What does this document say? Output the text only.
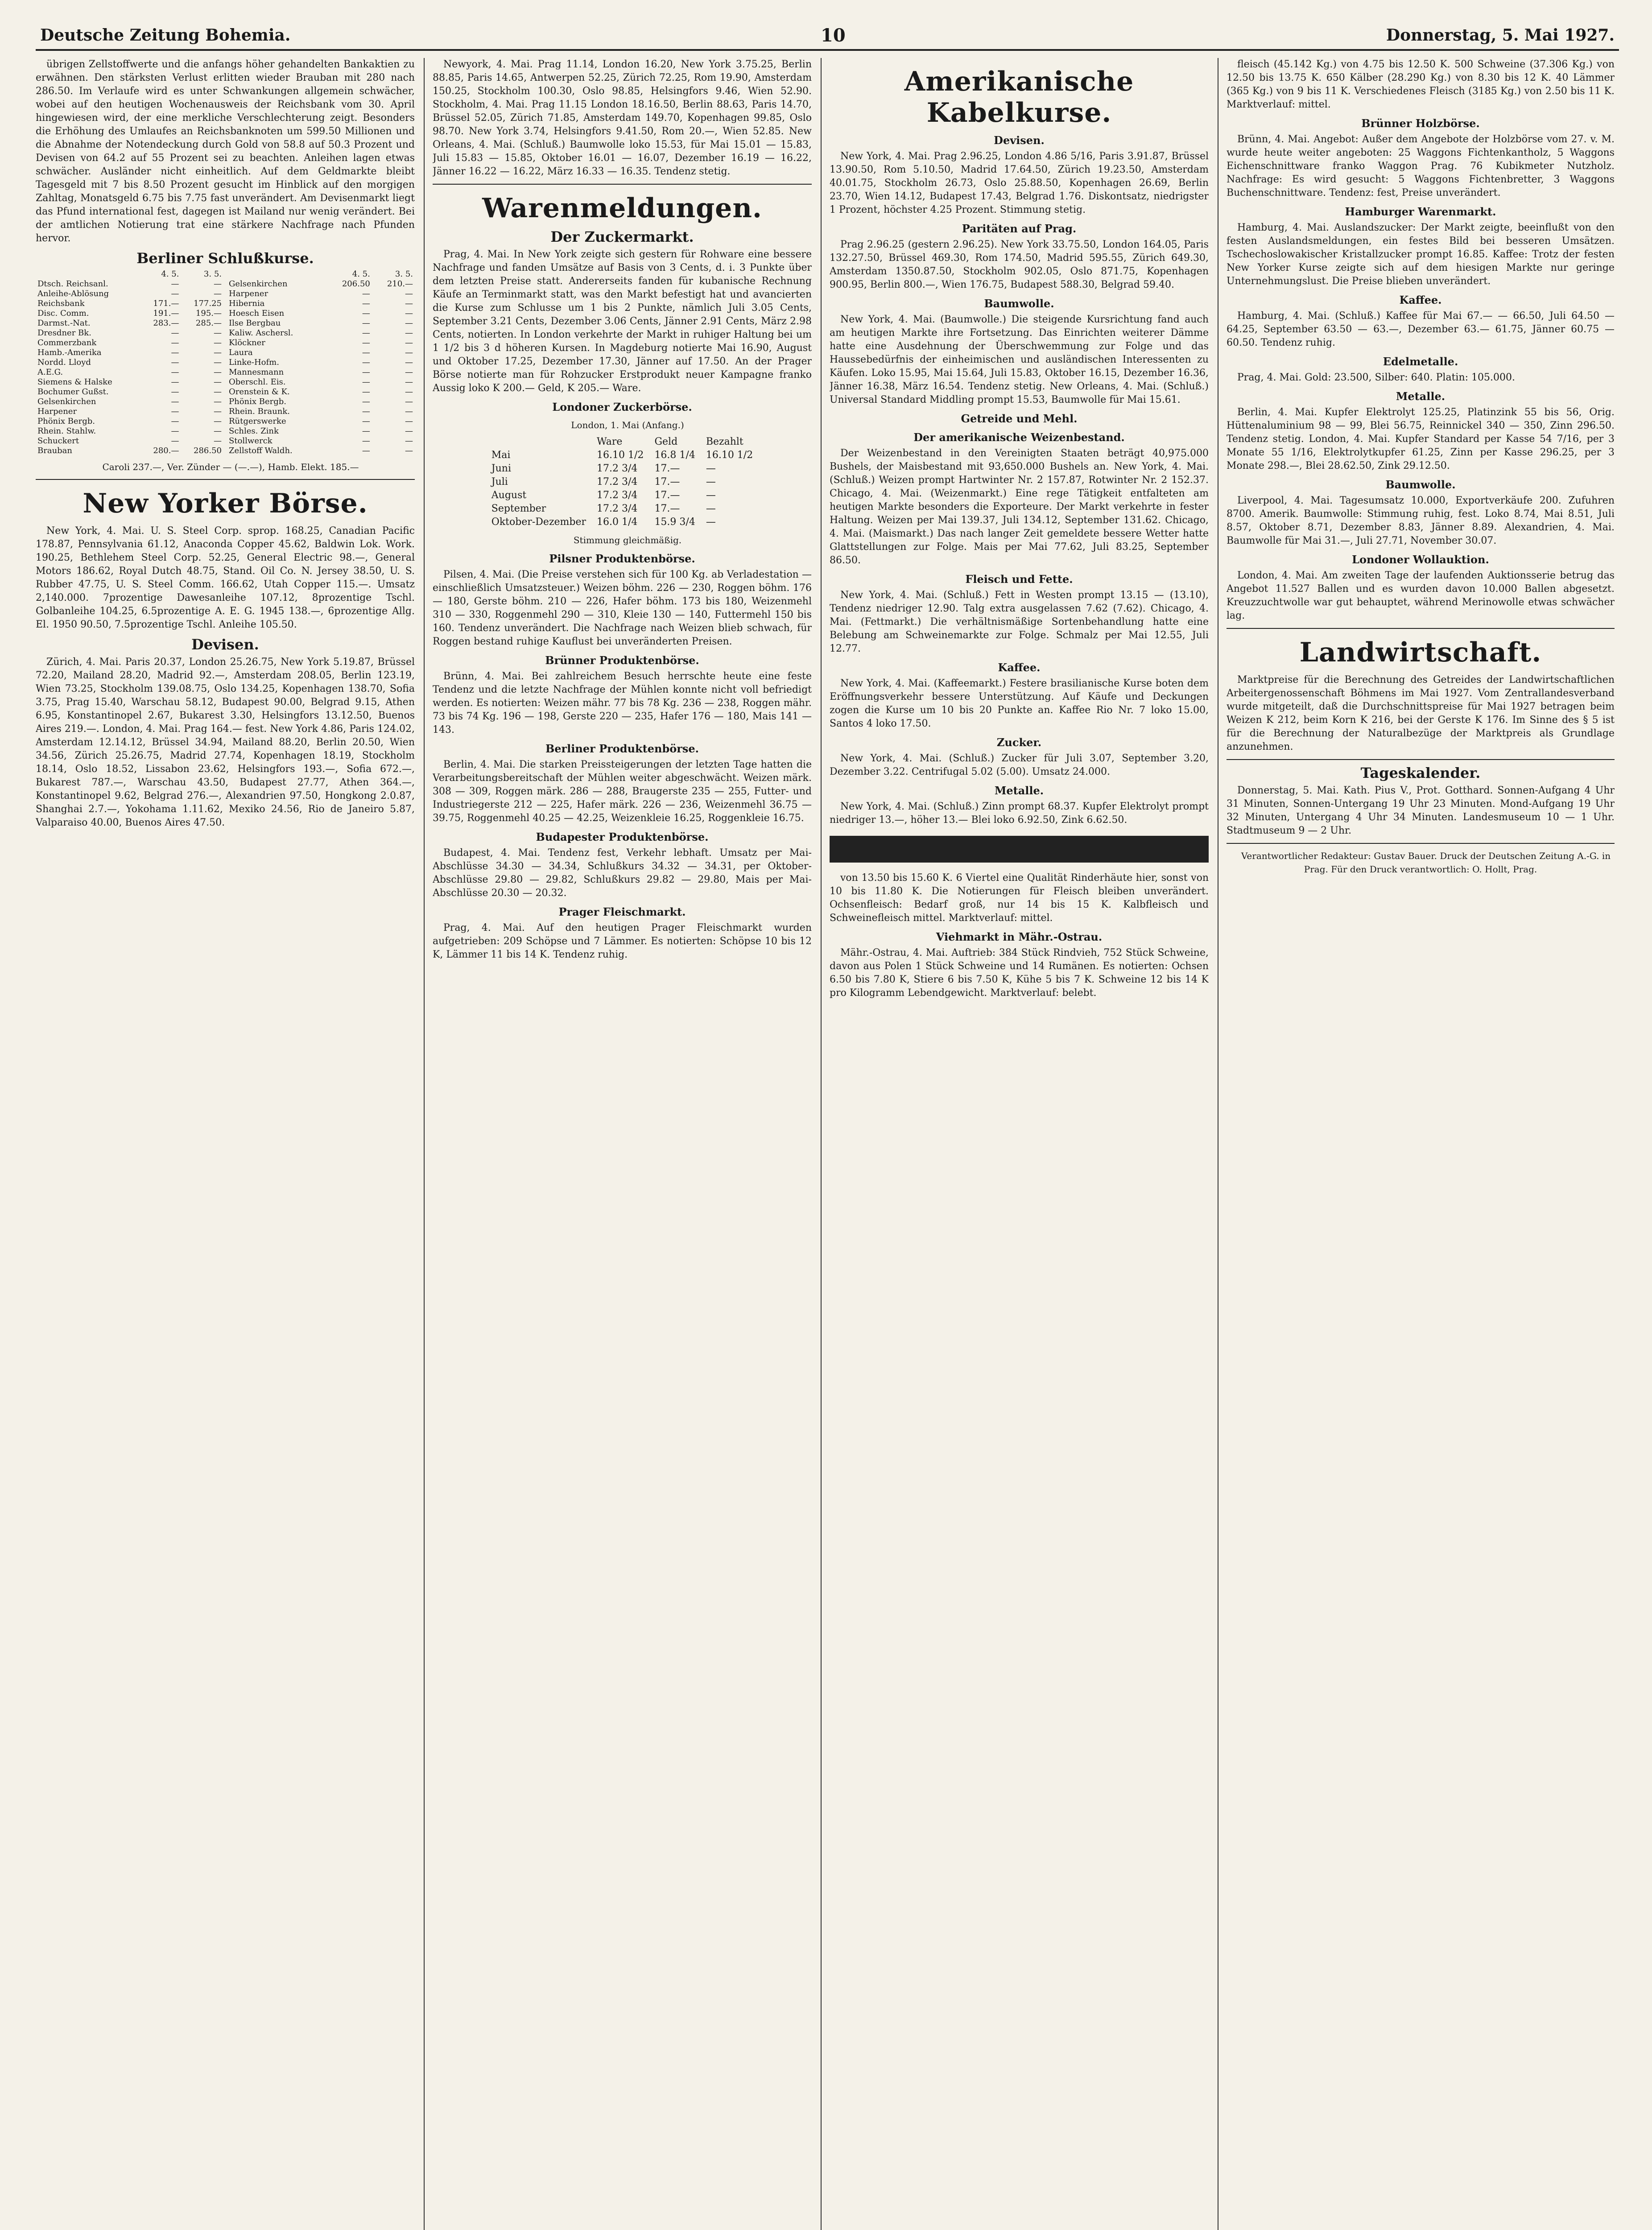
Deutsche Zeitung Bohemia.	10	Donnerstag, 5. Mai 1927.

übrigen Zellstoffwerte und die anfangs höher gehandelten Bankaktien zu erwähnen. Den stärksten Verlust erlitten wieder Brauban mit 280 nach 286.50. Im Verlaufe wird es unter Schwankungen allgemein schwächer, wobei auf den heutigen Wochenausweis der Reichsbank vom 30. April hingewiesen wird, der eine merkliche Verschlechterung zeigt. Besonders die Erhöhung des Umlaufes an Reichsbanknoten um 599.50 Millionen und die Abnahme der Notendeckung durch Gold von 58.8 auf 50.3 Prozent und Devisen von 64.2 auf 55 Prozent sei zu beachten. Anleihen lagen etwas schwächer. Ausländer nicht einheitlich. Auf dem Geldmarkte bleibt Tagesgeld mit 7 bis 8.50 Prozent gesucht im Hinblick auf den morgigen Zahltag, Monatsgeld 6.75 bis 7.75 fast unverändert. Am Devisenmarkt liegt das Pfund international fest, dagegen ist Mailand nur wenig verändert. Bei der amtlichen Notierung trat eine stärkere Nachfrage nach Pfunden hervor.

Berliner Schlußkurse.
	4. 5.	3. 5.
Dtsch. Reichsanl.	—	—
Anleihe-Ablösung	—	—
Reichsbank	171.—	177.25
Disc. Comm.	191.—	195.—
Darmst.-Nat.	283.—	285.—
Dresdner Bk.	—	—
Commerzbank	—	—
Hamb.-Amerika	—	—
Nordd. Lloyd	—	—
A.E.G.	—	—
Siemens & Halske	—	—
Bochumer Gußst.	—	—
Gelsenkirchen	—	—
Harpener	—	—
Phönix Bergb.	—	—
Rhein. Stahlw.	—	—
Schuckert	—	—
Brauban	280.—	286.50
	4. 5.	3. 5.
Gelsenkirchen	206.50	210.—
Harpener	—	—
Hibernia	—	—
Hoesch Eisen	—	—
Ilse Bergbau	—	—
Kaliw. Aschersl.	—	—
Klöckner	—	—
Laura	—	—
Linke-Hofm.	—	—
Mannesmann	—	—
Oberschl. Eis.	—	—
Orenstein & K.	—	—
Phönix Bergb.	—	—
Rhein. Braunk.	—	—
Rütgerswerke	—	—
Schles. Zink	—	—
Stollwerck	—	—
Zellstoff Waldh.	—	—

Caroli 237.—, Ver. Zünder — (—.—), Hamb. Elekt. 185.—

New Yorker Börse.

New York, 4. Mai. U. S. Steel Corp. sprop. 168.25, Canadian Pacific 178.87, Pennsylvania 61.12, Anaconda Copper 45.62, Baldwin Lok. Work. 190.25, Bethlehem Steel Corp. 52.25, General Electric 98.—, General Motors 186.62, Royal Dutch 48.75, Stand. Oil Co. N. Jersey 38.50, U. S. Rubber 47.75, U. S. Steel Comm. 166.62, Utah Copper 115.—. Umsatz 2,140.000. 7prozentige Dawesanleihe 107.12, 8prozentige Tschl. Golbanleihe 104.25, 6.5prozentige A. E. G. 1945 138.—, 6prozentige Allg. El. 1950 90.50, 7.5prozentige Tschl. Anleihe 105.50.

Devisen.

Zürich, 4. Mai. Paris 20.37, London 25.26.75, New York 5.19.87, Brüssel 72.20, Mailand 28.20, Madrid 92.—, Amsterdam 208.05, Berlin 123.19, Wien 73.25, Stockholm 139.08.75, Oslo 134.25, Kopenhagen 138.70, Sofia 3.75, Prag 15.40, Warschau 58.12, Budapest 90.00, Belgrad 9.15, Athen 6.95, Konstantinopel 2.67, Bukarest 3.30, Helsingfors 13.12.50, Buenos Aires 219.—. London, 4. Mai. Prag 164.— fest. New York 4.86, Paris 124.02, Amsterdam 12.14.12, Brüssel 34.94, Mailand 88.20, Berlin 20.50, Wien 34.56, Zürich 25.26.75, Madrid 27.74, Kopenhagen 18.19, Stockholm 18.14, Oslo 18.52, Lissabon 23.62, Helsingfors 193.—, Sofia 672.—, Bukarest 787.—, Warschau 43.50, Budapest 27.77, Athen 364.—, Konstantinopel 9.62, Belgrad 276.—, Alexandrien 97.50, Hongkong 2.0.87, Shanghai 2.7.—, Yokohama 1.11.62, Mexiko 24.56, Rio de Janeiro 5.87, Valparaiso 40.00, Buenos Aires 47.50.

Newyork, 4. Mai. Prag 11.14, London 16.20, New York 3.75.25, Berlin 88.85, Paris 14.65, Antwerpen 52.25, Zürich 72.25, Rom 19.90, Amsterdam 150.25, Stockholm 100.30, Oslo 98.85, Helsingfors 9.46, Wien 52.90. Stockholm, 4. Mai. Prag 11.15 London 18.16.50, Berlin 88.63, Paris 14.70, Brüssel 52.05, Zürich 71.85, Amsterdam 149.70, Kopenhagen 99.85, Oslo 98.70. New York 3.74, Helsingfors 9.41.50, Rom 20.—, Wien 52.85. New Orleans, 4. Mai. (Schluß.) Baumwolle loko 15.53, für Mai 15.01 — 15.83, Juli 15.83 — 15.85, Oktober 16.01 — 16.07, Dezember 16.19 — 16.22, Jänner 16.22 — 16.22, März 16.33 — 16.35. Tendenz stetig.

Warenmeldungen.
Der Zuckermarkt.

Prag, 4. Mai. In New York zeigte sich gestern für Rohware eine bessere Nachfrage und fanden Umsätze auf Basis von 3 Cents, d. i. 3 Punkte über dem letzten Preise statt. Andererseits fanden für kubanische Rechnung Käufe an Terminmarkt statt, was den Markt befestigt hat und avancierten die Kurse zum Schlusse um 1 bis 2 Punkte, nämlich Juli 3.05 Cents, September 3.21 Cents, Dezember 3.06 Cents, Jänner 2.91 Cents, März 2.98 Cents, notierten. In London verkehrte der Markt in ruhiger Haltung bei um 1 1/2 bis 3 d höheren Kursen. In Magdeburg notierte Mai 16.90, August und Oktober 17.25, Dezember 17.30, Jänner auf 17.50. An der Prager Börse notierte man für Rohzucker Erstprodukt neuer Kampagne franko Aussig loko K 200.— Geld, K 205.— Ware.

Londoner Zuckerbörse.

London, 1. Mai (Anfang.)

	Ware	Geld	Bezahlt
Mai	16.10 1/2	16.8 1/4	16.10 1/2
Juni	17.2 3/4	17.—	—
Juli	17.2 3/4	17.—	—
August	17.2 3/4	17.—	—
September	17.2 3/4	17.—	—
Oktober-Dezember	16.0 1/4	15.9 3/4	—

Stimmung gleichmäßig.

Pilsner Produktenbörse.

Pilsen, 4. Mai. (Die Preise verstehen sich für 100 Kg. ab Verladestation — einschließlich Umsatzsteuer.) Weizen böhm. 226 — 230, Roggen böhm. 176 — 180, Gerste böhm. 210 — 226, Hafer böhm. 173 bis 180, Weizenmehl 310 — 330, Roggenmehl 290 — 310, Kleie 130 — 140, Futtermehl 150 bis 160. Tendenz unverändert. Die Nachfrage nach Weizen blieb schwach, für Roggen bestand ruhige Kauflust bei unveränderten Preisen.

Brünner Produktenbörse.

Brünn, 4. Mai. Bei zahlreichem Besuch herrschte heute eine feste Tendenz und die letzte Nachfrage der Mühlen konnte nicht voll befriedigt werden. Es notierten: Weizen mähr. 77 bis 78 Kg. 236 — 238, Roggen mähr. 73 bis 74 Kg. 196 — 198, Gerste 220 — 235, Hafer 176 — 180, Mais 141 — 143.

Berliner Produktenbörse.

Berlin, 4. Mai. Die starken Preissteigerungen der letzten Tage hatten die Verarbeitungsbereitschaft der Mühlen weiter abgeschwächt. Weizen märk. 308 — 309, Roggen märk. 286 — 288, Braugerste 235 — 255, Futter- und Industriegerste 212 — 225, Hafer märk. 226 — 236, Weizenmehl 36.75 — 39.75, Roggenmehl 40.25 — 42.25, Weizenkleie 16.25, Roggenkleie 16.75.

Budapester Produktenbörse.

Budapest, 4. Mai. Tendenz fest, Verkehr lebhaft. Umsatz per Mai-Abschlüsse 34.30 — 34.34, Schlußkurs 34.32 — 34.31, per Oktober-Abschlüsse 29.80 — 29.82, Schlußkurs 29.82 — 29.80, Mais per Mai-Abschlüsse 20.30 — 20.32.

Prager Fleischmarkt.

Prag, 4. Mai. Auf den heutigen Prager Fleischmarkt wurden aufgetrieben: 209 Schöpse und 7 Lämmer. Es notierten: Schöpse 10 bis 12 K, Lämmer 11 bis 14 K. Tendenz ruhig.

Amerikanische Kabelkurse.
Devisen.

New York, 4. Mai. Prag 2.96.25, London 4.86 5/16, Paris 3.91.87, Brüssel 13.90.50, Rom 5.10.50, Madrid 17.64.50, Zürich 19.23.50, Amsterdam 40.01.75, Stockholm 26.73, Oslo 25.88.50, Kopenhagen 26.69, Berlin 23.70, Wien 14.12, Budapest 17.43, Belgrad 1.76. Diskontsatz, niedrigster 1 Prozent, höchster 4.25 Prozent. Stimmung stetig.

Paritäten auf Prag.

Prag 2.96.25 (gestern 2.96.25). New York 33.75.50, London 164.05, Paris 132.27.50, Brüssel 469.30, Rom 174.50, Madrid 595.55, Zürich 649.30, Amsterdam 1350.87.50, Stockholm 902.05, Oslo 871.75, Kopenhagen 900.95, Berlin 800.—, Wien 176.75, Budapest 588.30, Belgrad 59.40.

Baumwolle.

New York, 4. Mai. (Baumwolle.) Die steigende Kursrichtung fand auch am heutigen Markte ihre Fortsetzung. Das Einrichten weiterer Dämme hatte eine Ausdehnung der Überschwemmung zur Folge und das Haussebedürfnis der einheimischen und ausländischen Interessenten zu Käufen. Loko 15.95, Mai 15.64, Juli 15.83, Oktober 16.15, Dezember 16.36, Jänner 16.38, März 16.54. Tendenz stetig. New Orleans, 4. Mai. (Schluß.) Universal Standard Middling prompt 15.53, Baumwolle für Mai 15.61.

Getreide und Mehl.
Der amerikanische Weizenbestand.

Der Weizenbestand in den Vereinigten Staaten beträgt 40,975.000 Bushels, der Maisbestand mit 93,650.000 Bushels an. New York, 4. Mai. (Schluß.) Weizen prompt Hartwinter Nr. 2 157.87, Rotwinter Nr. 2 152.37. Chicago, 4. Mai. (Weizenmarkt.) Eine rege Tätigkeit entfalteten am heutigen Markte besonders die Exporteure. Der Markt verkehrte in fester Haltung. Weizen per Mai 139.37, Juli 134.12, September 131.62. Chicago, 4. Mai. (Maismarkt.) Das nach langer Zeit gemeldete bessere Wetter hatte Glattstellungen zur Folge. Mais per Mai 77.62, Juli 83.25, September 86.50.

Fleisch und Fette.

New York, 4. Mai. (Schluß.) Fett in Westen prompt 13.15 — (13.10), Tendenz niedriger 12.90. Talg extra ausgelassen 7.62 (7.62). Chicago, 4. Mai. (Fettmarkt.) Die verhältnismäßige Sortenbehandlung hatte eine Belebung am Schweinemarkte zur Folge. Schmalz per Mai 12.55, Juli 12.77.

Kaffee.

New York, 4. Mai. (Kaffeemarkt.) Festere brasilianische Kurse boten dem Eröffnungsverkehr bessere Unterstützung. Auf Käufe und Deckungen zogen die Kurse um 10 bis 20 Punkte an. Kaffee Rio Nr. 7 loko 15.00, Santos 4 loko 17.50.

Zucker.

New York, 4. Mai. (Schluß.) Zucker für Juli 3.07, September 3.20, Dezember 3.22. Centrifugal 5.02 (5.00). Umsatz 24.000.

Metalle.

New York, 4. Mai. (Schluß.) Zinn prompt 68.37. Kupfer Elektrolyt prompt niedriger 13.—, höher 13.— Blei loko 6.92.50, Zink 6.62.50.

von 13.50 bis 15.60 K. 6 Viertel eine Qualität Rinderhäute hier, sonst von 10 bis 11.80 K. Die Notierungen für Fleisch bleiben unverändert. Ochsenfleisch: Bedarf groß, nur 14 bis 15 K. Kalbfleisch und Schweinefleisch mittel. Marktverlauf: mittel.

Viehmarkt in Mähr.-Ostrau.

Mähr.-Ostrau, 4. Mai. Auftrieb: 384 Stück Rindvieh, 752 Stück Schweine, davon aus Polen 1 Stück Schweine und 14 Rumänen. Es notierten: Ochsen 6.50 bis 7.80 K, Stiere 6 bis 7.50 K, Kühe 5 bis 7 K. Schweine 12 bis 14 K pro Kilogramm Lebendgewicht. Marktverlauf: belebt.

fleisch (45.142 Kg.) von 4.75 bis 12.50 K. 500 Schweine (37.306 Kg.) von 12.50 bis 13.75 K. 650 Kälber (28.290 Kg.) von 8.30 bis 12 K. 40 Lämmer (365 Kg.) von 9 bis 11 K. Verschiedenes Fleisch (3185 Kg.) von 2.50 bis 11 K. Marktverlauf: mittel.

Brünner Holzbörse.

Brünn, 4. Mai. Angebot: Außer dem Angebote der Holzbörse vom 27. v. M. wurde heute weiter angeboten: 25 Waggons Fichtenkantholz, 5 Waggons Eichenschnittware franko Waggon Prag. 76 Kubikmeter Nutzholz. Nachfrage: Es wird gesucht: 5 Waggons Fichtenbretter, 3 Waggons Buchenschnittware. Tendenz: fest, Preise unverändert.

Hamburger Warenmarkt.

Hamburg, 4. Mai. Auslandszucker: Der Markt zeigte, beeinflußt von den festen Auslandsmeldungen, ein festes Bild bei besseren Umsätzen. Tschechoslowakischer Kristallzucker prompt 16.85. Kaffee: Trotz der festen New Yorker Kurse zeigte sich auf dem hiesigen Markte nur geringe Unternehmungslust. Die Preise blieben unverändert.

Kaffee.

Hamburg, 4. Mai. (Schluß.) Kaffee für Mai 67.— — 66.50, Juli 64.50 — 64.25, September 63.50 — 63.—, Dezember 63.— 61.75, Jänner 60.75 — 60.50. Tendenz ruhig.

Edelmetalle.

Prag, 4. Mai. Gold: 23.500, Silber: 640. Platin: 105.000.

Metalle.

Berlin, 4. Mai. Kupfer Elektrolyt 125.25, Platinzink 55 bis 56, Orig. Hüttenaluminium 98 — 99, Blei 56.75, Reinnickel 340 — 350, Zinn 296.50. Tendenz stetig. London, 4. Mai. Kupfer Standard per Kasse 54 7/16, per 3 Monate 55 1/16, Elektrolytkupfer 61.25, Zinn per Kasse 296.25, per 3 Monate 298.—, Blei 28.62.50, Zink 29.12.50.

Baumwolle.

Liverpool, 4. Mai. Tagesumsatz 10.000, Exportverkäufe 200. Zufuhren 8700. Amerik. Baumwolle: Stimmung ruhig, fest. Loko 8.74, Mai 8.51, Juli 8.57, Oktober 8.71, Dezember 8.83, Jänner 8.89. Alexandrien, 4. Mai. Baumwolle für Mai 31.—, Juli 27.71, November 30.07.

Londoner Wollauktion.

London, 4. Mai. Am zweiten Tage der laufenden Auktionsserie betrug das Angebot 11.527 Ballen und es wurden davon 10.000 Ballen abgesetzt. Kreuzzuchtwolle war gut behauptet, während Merinowolle etwas schwächer lag.

Landwirtschaft.

Marktpreise für die Berechnung des Getreides der Landwirtschaftlichen Arbeitergenossenschaft Böhmens im Mai 1927. Vom Zentrallandesverband wurde mitgeteilt, daß die Durchschnittspreise für Mai 1927 betragen beim Weizen K 212, beim Korn K 216, bei der Gerste K 176. Im Sinne des § 5 ist für die Berechnung der Naturalbezüge der Marktpreis als Grundlage anzunehmen.

Tageskalender.

Donnerstag, 5. Mai. Kath. Pius V., Prot. Gotthard. Sonnen-Aufgang 4 Uhr 31 Minuten, Sonnen-Untergang 19 Uhr 23 Minuten. Mond-Aufgang 19 Uhr 32 Minuten, Untergang 4 Uhr 34 Minuten. Landesmuseum 10 — 1 Uhr. Stadtmuseum 9 — 2 Uhr.

Verantwortlicher Redakteur: Gustav Bauer. Druck der Deutschen Zeitung A.-G. in Prag. Für den Druck verantwortlich: O. Hollt, Prag.
